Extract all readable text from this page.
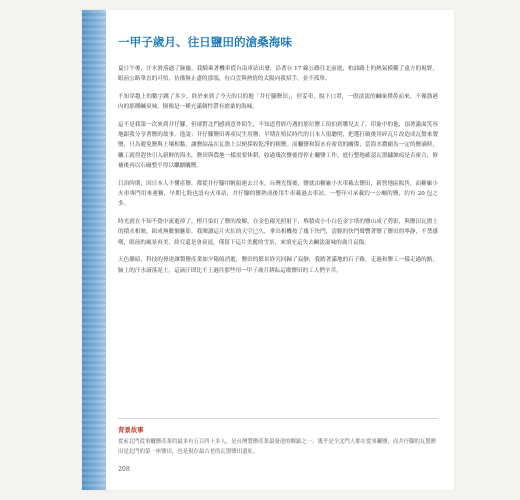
一甲子歲月、往日鹽田的滄桑海味

夏日午後，汗水滑落過了臉龐，我騎乘著機車從台南車站出發，沿著台 17 線公路往北前進，柏油路上的熱氣模糊了遠方的視野，眼前公路筆直的可怕，彷彿無止盡的那端，有白雲與熱情的太陽向我招手，並不孤單。

不知穿越上的數字跳了多少，終於來到了今天的目的地「井仔腳鹽田」，停妥車，脫下口罩，一股淡淡的鹹味撲鼻而來，不像漁港內的那種鹹臭味，倒像是一種充滿個性帶有滄桑的海味。

這不是我第一次來到井仔腳，但卻對北門感到意外陌生，不知道曾經巧遇的那位鹽工伯伯到哪兒去了，印象中的他，頂著滿面笑容地跟我分享著鹽的故事，他說：井仔腳鹽田專產民生用鹽，早期在殖民時代的日本人很聰明，把選打破後用碎瓦片改造成瓦盤來製鹽，只為避免鹽與土壤相黏，讓鹽結晶在瓦盤上以便採收乾淨的粗鹽。而曬鹽和海水有密切的關係，當海水濃縮為一定的鹽滷時，曬工就得趕快引入新鮮的海水，鹽田與農地一樣需要休耕，收過幾次鹽後得停止曬鹽工作，進行整地確認瓦盤鏽蝕痕是否密合，修補後再以石碾整平得以繼續曬鹽。

日治時期，因日本人不懂產鹽，都從井仔腳用帆船運去日本，台灣光復後，鹽就由糖廠小火車載去鹽田，新營地區販售，而糖廠小火車專門用來運糖，早期七股也設有火車站，井仔腳的鹽熟成後用牛車載過去車站，一整年可承載約一公噸的鹽，約有 20 包之多。

時光就在不知不覺中流逝掉了，橙月染紅了鹽的故鄉，在金色陽光照射下，堆積成小小白色金字塔的鹽山成了剪影，與鹽田瓦盤上的積水相映，組成無數個魅影。我閱讀這片火紅的天空已久，拿出相機按了幾下快門，清脆的快門聲響著鹽了鹽田的寧靜，不禁感嘆，眼前的風景再美，終究還是會衰退，僅留下這片美麗的雪景，來填充這失去鹹淡滋味的歲月哀傷。

天色漸暗，科技的發達讓製鹽產業如夕陽般消逝，鹽田的繁景終究回歸了寂靜，我踏著滿地的石子路，走過和鹽工一樣走過的路，臉上的汗水滴落泥土，這滴汗即比不上過往那些用一甲子歲月耕耘這歇鹽田的工人們辛苦。

背景故事
從前北門從事曬鹽產業的最多有五百四十多人，是台灣製鹽產業最發達的鄉鎮之一，幾乎是全北門人都在從事曬鹽，而井仔腳的瓦盤鹽田是北門的第一座鹽田，也是現存最古老的瓦盤鹽田遺址。
208
